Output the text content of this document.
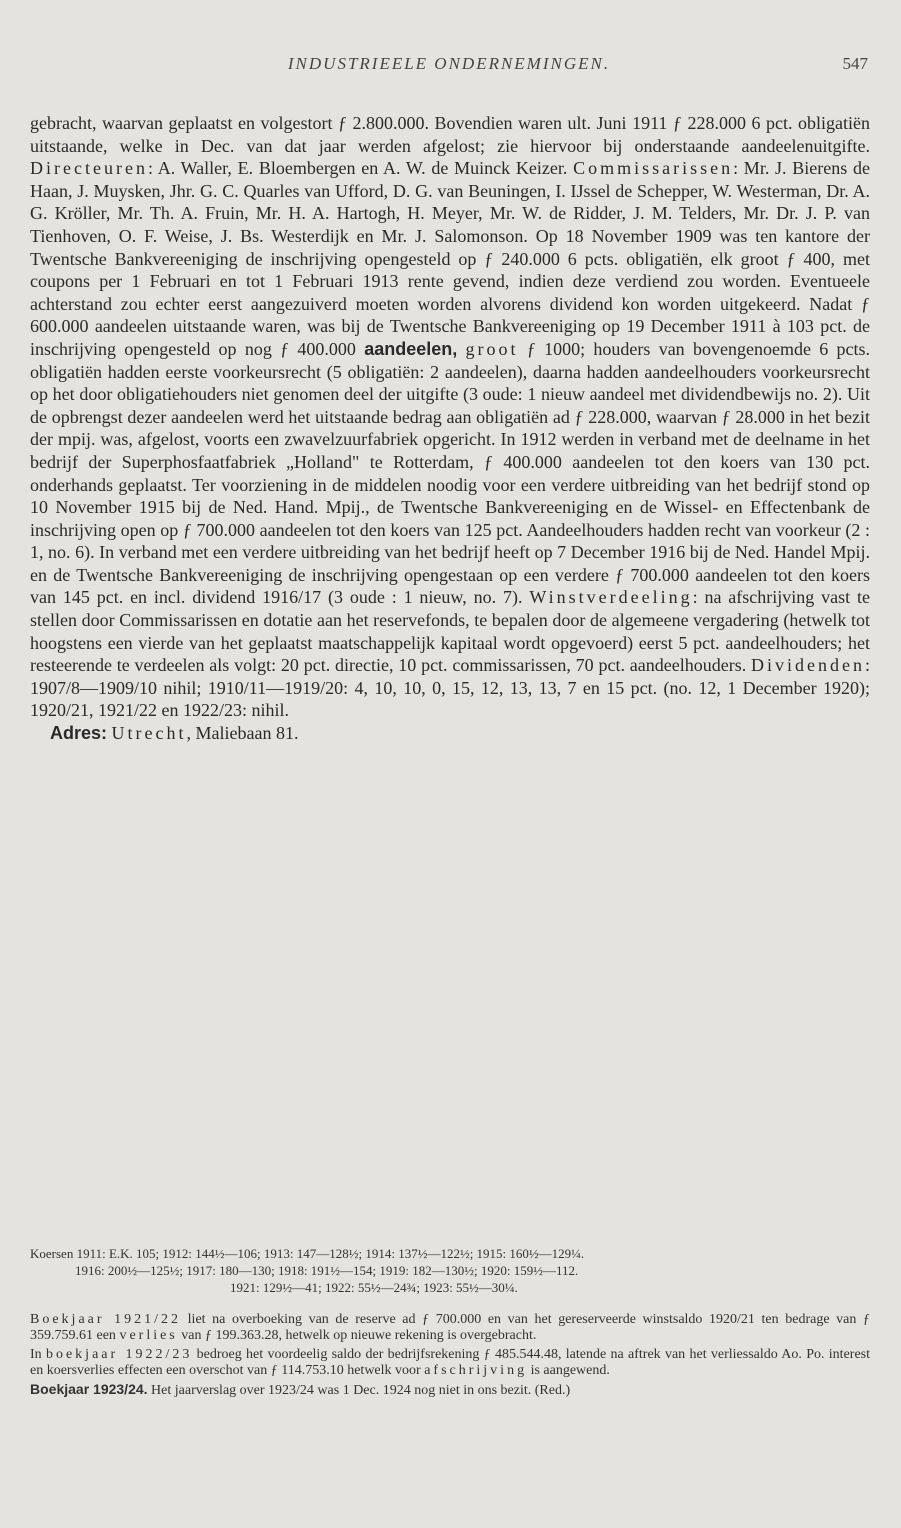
INDUSTRIEELE ONDERNEMINGEN.	547

gebracht, waarvan geplaatst en volgestort ƒ 2.800.000. Bovendien waren ult. Juni 1911 ƒ 228.000 6 pct. obligatiën uitstaande, welke in Dec. van dat jaar werden afgelost; zie hiervoor bij onderstaande aandeelenuitgifte. Directeuren: A. Waller, E. Bloembergen en A. W. de Muinck Keizer. Commissarissen: Mr. J. Bierens de Haan, J. Muysken, Jhr. G. C. Quarles van Ufford, D. G. van Beuningen, I. IJssel de Schepper, W. Westerman, Dr. A. G. Kröller, Mr. Th. A. Fruin, Mr. H. A. Hartogh, H. Meyer, Mr. W. de Ridder, J. M. Telders, Mr. Dr. J. P. van Tienhoven, O. F. Weise, J. Bs. Westerdijk en Mr. J. Salomonson. Op 18 November 1909 was ten kantore der Twentsche Bankvereeniging de inschrijving opengesteld op ƒ 240.000 6 pcts. obligatiën, elk groot ƒ 400, met coupons per 1 Februari en tot 1 Februari 1913 rente gevend, indien deze verdiend zou worden. Eventueele achterstand zou echter eerst aangezuiverd moeten worden alvorens dividend kon worden uitgekeerd. Nadat ƒ 600.000 aandeelen uitstaande waren, was bij de Twentsche Bankvereeniging op 19 December 1911 à 103 pct. de inschrijving opengesteld op nog ƒ 400.000 aandeelen, groot ƒ 1000; houders van bovengenoemde 6 pcts. obligatiën hadden eerste voorkeursrecht (5 obligatiën: 2 aandeelen), daarna hadden aandeelhouders voorkeursrecht op het door obligatiehouders niet genomen deel der uitgifte (3 oude: 1 nieuw aandeel met dividendbewijs no. 2). Uit de opbrengst dezer aandeelen werd het uitstaande bedrag aan obligatiën ad ƒ 228.000, waarvan ƒ 28.000 in het bezit der mpij. was, afgelost, voorts een zwavelzuurfabriek opgericht. In 1912 werden in verband met de deelname in het bedrijf der Superphosfaatfabriek „Holland" te Rotterdam, ƒ 400.000 aandeelen tot den koers van 130 pct. onderhands geplaatst. Ter voorziening in de middelen noodig voor een verdere uitbreiding van het bedrijf stond op 10 November 1915 bij de Ned. Hand. Mpij., de Twentsche Bankvereeniging en de Wissel- en Effectenbank de inschrijving open op ƒ 700.000 aandeelen tot den koers van 125 pct. Aandeelhouders hadden recht van voorkeur (2 : 1, no. 6). In verband met een verdere uitbreiding van het bedrijf heeft op 7 December 1916 bij de Ned. Handel Mpij. en de Twentsche Bankvereeniging de inschrijving opengestaan op een verdere ƒ 700.000 aandeelen tot den koers van 145 pct. en incl. dividend 1916/17 (3 oude : 1 nieuw, no. 7). Winstverdeeling: na afschrijving vast te stellen door Commissarissen en dotatie aan het reservefonds, te bepalen door de algemeene vergadering (hetwelk tot hoogstens een vierde van het geplaatst maatschappelijk kapitaal wordt opgevoerd) eerst 5 pct. aandeelhouders; het resteerende te verdeelen als volgt: 20 pct. directie, 10 pct. commissarissen, 70 pct. aandeelhouders. Dividenden: 1907/8—1909/10 nihil; 1910/11—1919/20: 4, 10, 10, 0, 15, 12, 13, 13, 7 en 15 pct. (no. 12, 1 December 1920); 1920/21, 1921/22 en 1922/23: nihil.

Adres: Utrecht, Maliebaan 81.

Koersen 1911: E.K. 105; 1912: 144½—106; 1913: 147—128½; 1914: 137½—122½; 1915: 160½—129¼.
1916: 200½—125½; 1917: 180—130; 1918: 191½—154; 1919: 182—130½; 1920: 159½—112.
1921: 129½—41; 1922: 55½—24¾; 1923: 55½—30¼.

Boekjaar 1921/22 liet na overboeking van de reserve ad ƒ 700.000 en van het gereserveerde winstsaldo 1920/21 ten bedrage van ƒ 359.759.61 een verlies van ƒ 199.363.28, hetwelk op nieuwe rekening is overgebracht.

In boekjaar 1922/23 bedroeg het voordeelig saldo der bedrijfsrekening ƒ 485.544.48, latende na aftrek van het verliessaldo Ao. Po. interest en koersverlies effecten een overschot van ƒ 114.753.10 hetwelk voor afschrijving is aangewend.

Boekjaar 1923/24. Het jaarverslag over 1923/24 was 1 Dec. 1924 nog niet in ons bezit. (Red.)
